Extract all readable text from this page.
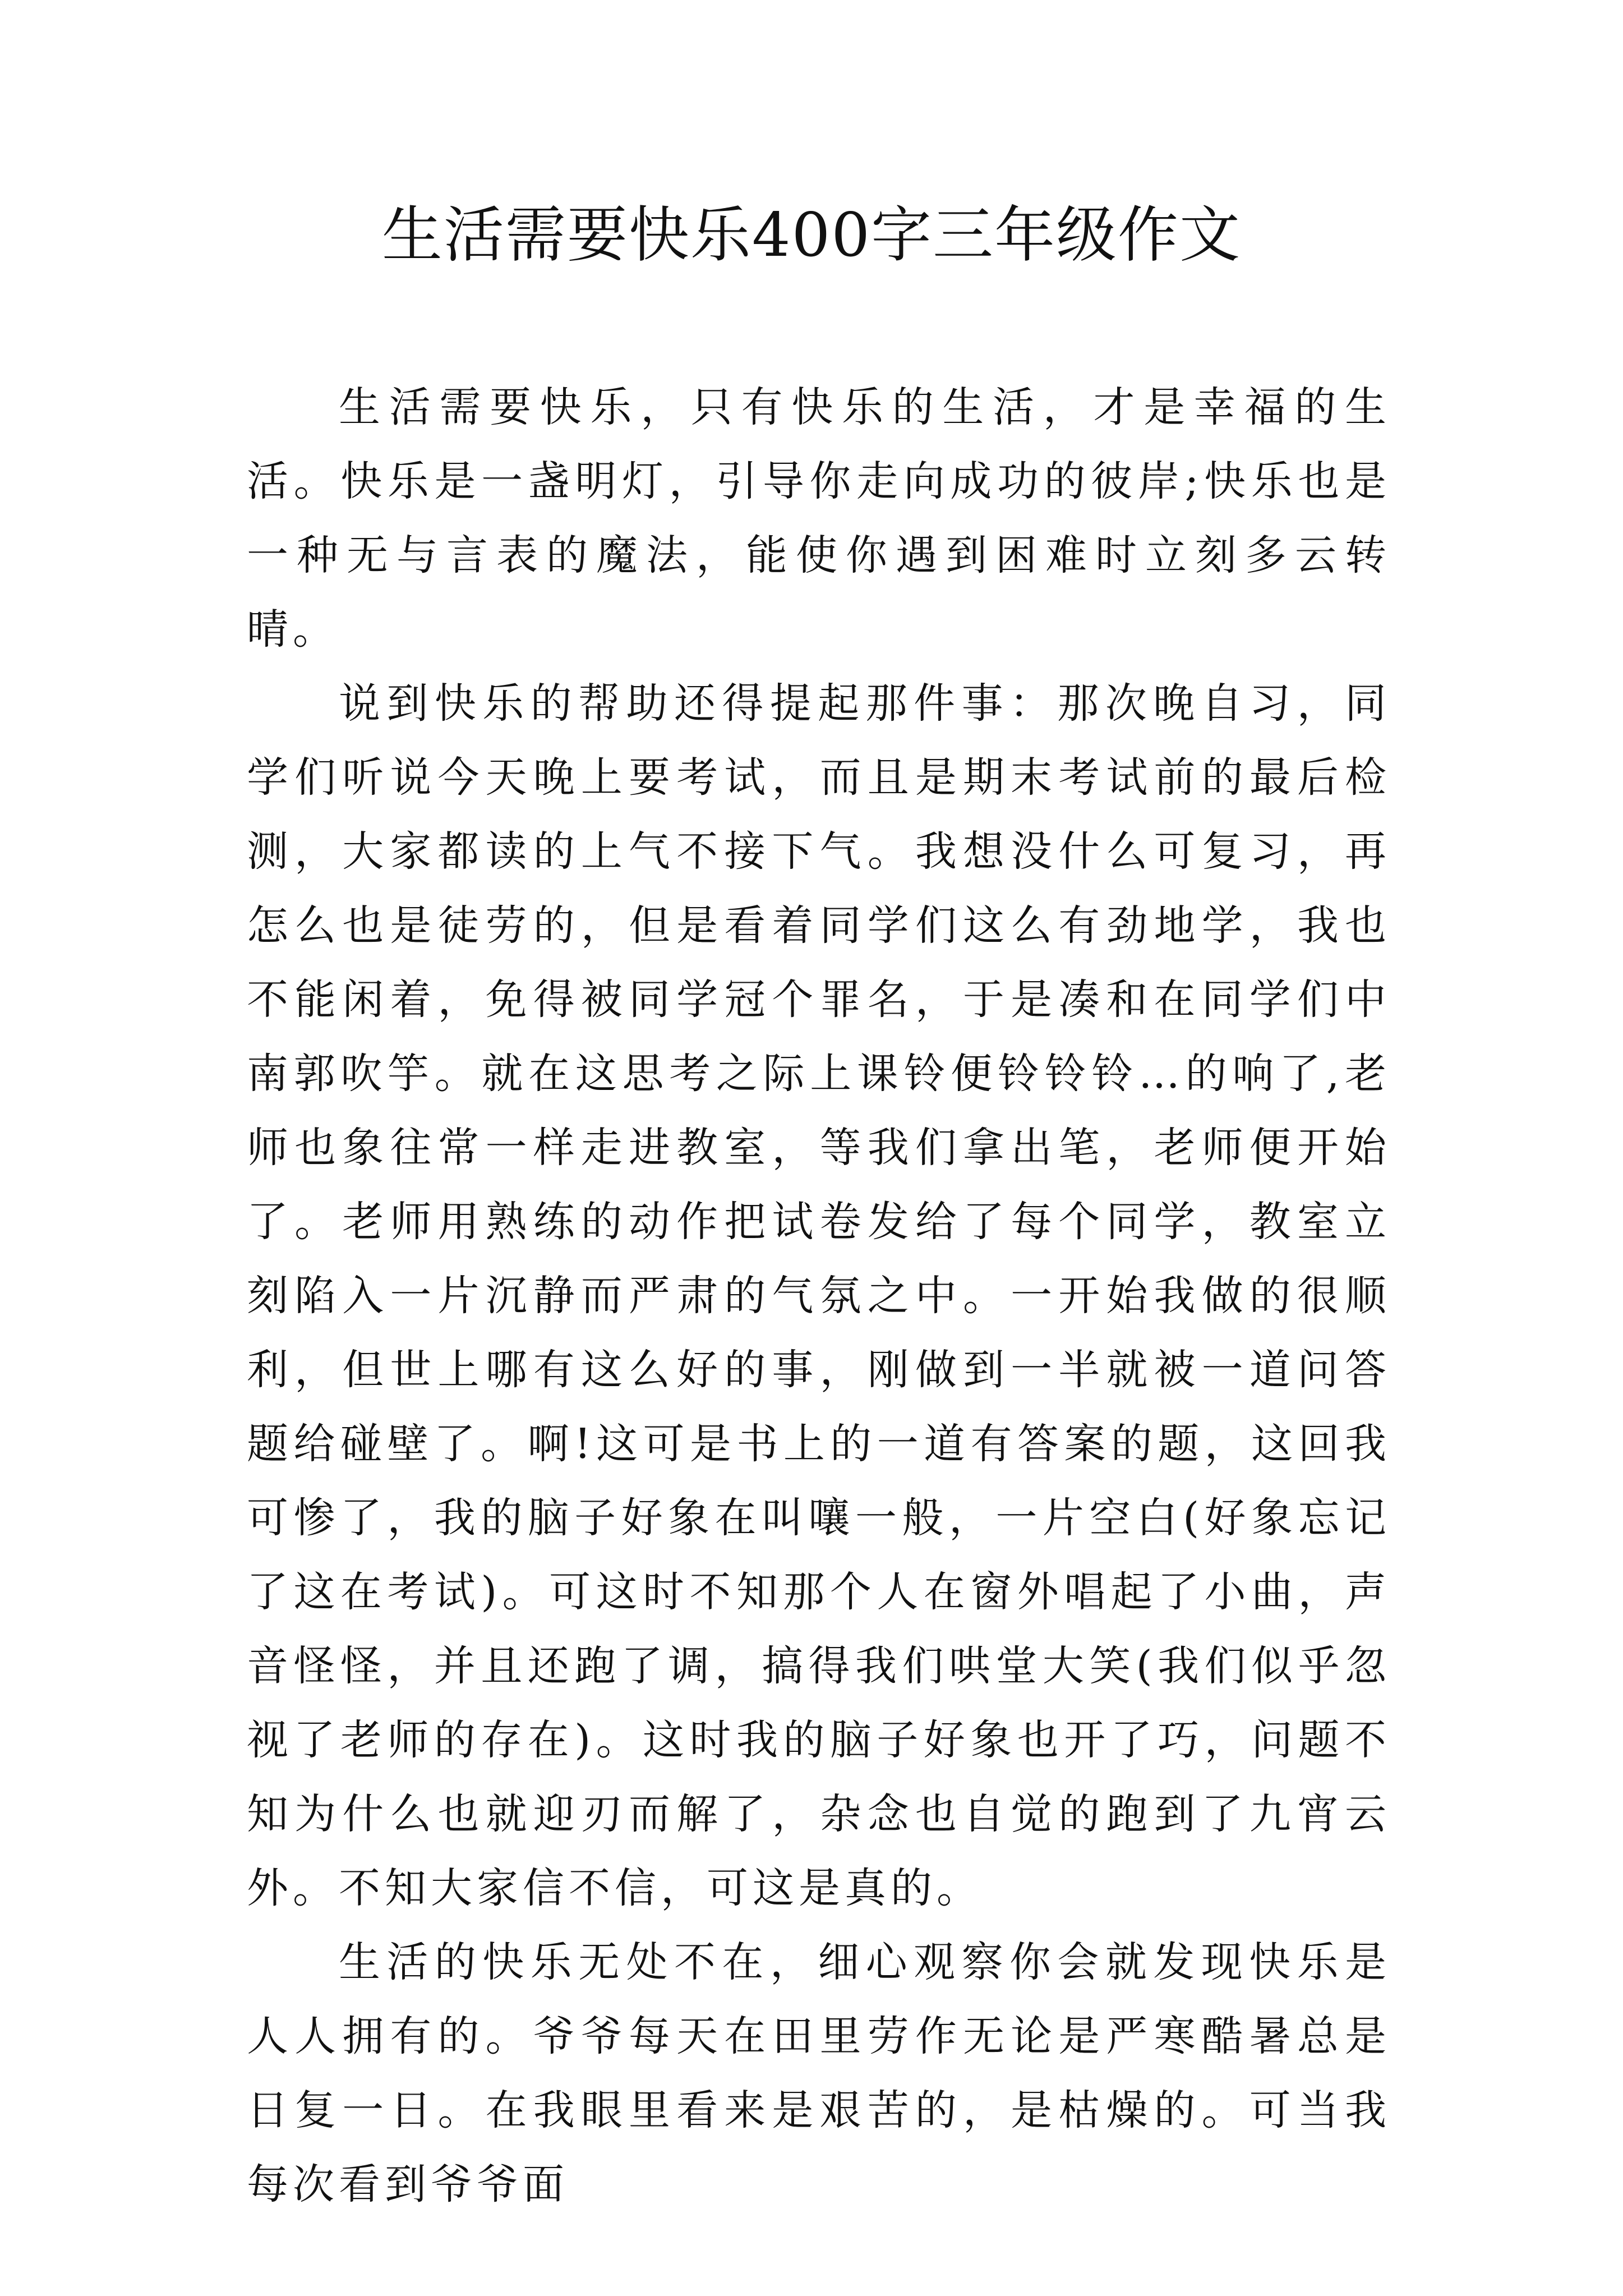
生活需要快乐400字三年级作文

生活需要快乐，只有快乐的生活，才是幸福的生活。快乐是一盏明灯，引导你走向成功的彼岸;快乐也是一种无与言表的魔法，能使你遇到困难时立刻多云转晴。

说到快乐的帮助还得提起那件事：那次晚自习，同学们听说今天晚上要考试，而且是期末考试前的最后检测，大家都读的上气不接下气。我想没什么可复习，再怎么也是徒劳的，但是看着同学们这么有劲地学，我也不能闲着，免得被同学冠个罪名，于是凑和在同学们中南郭吹竽。就在这思考之际上课铃便铃铃铃…的响了,老师也象往常一样走进教室，等我们拿出笔，老师便开始了。老师用熟练的动作把试卷发给了每个同学，教室立刻陷入一片沉静而严肃的气氛之中。一开始我做的很顺利，但世上哪有这么好的事，刚做到一半就被一道问答题给碰壁了。啊!这可是书上的一道有答案的题，这回我可惨了，我的脑子好象在叫嚷一般，一片空白(好象忘记了这在考试)。可这时不知那个人在窗外唱起了小曲，声音怪怪，并且还跑了调，搞得我们哄堂大笑(我们似乎忽视了老师的存在)。这时我的脑子好象也开了巧，问题不知为什么也就迎刃而解了，杂念也自觉的跑到了九宵云外。不知大家信不信，可这是真的。

生活的快乐无处不在，细心观察你会就发现快乐是人人拥有的。爷爷每天在田里劳作无论是严寒酷暑总是日复一日。在我眼里看来是艰苦的，是枯燥的。可当我每次看到爷爷面
